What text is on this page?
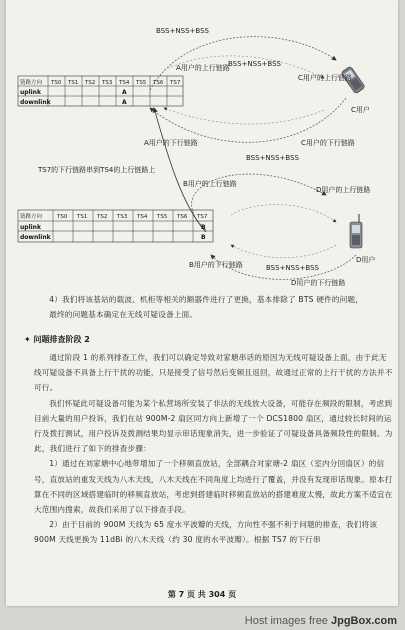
链路方向 TS0 TS1 TS2 TS3 TS4 TS5 TS6 TS7
uplink
downlink
A
A
链路方向	TS0 TS1 TS2 TS3 TS4 TS5 TS6 TS7
uplink
downlink
B
B
BSS+NSS+BSS
A用户的上行链路
BSS+NSS+BSS
C用户的上行链路
C用户
A用户的下行链路
BSS+NSS+BSS
C用户的下行链路
TS7的下行链路串到TS4的上行链路上
B用户的上行链路
D用户的上行链路
D用户
B用户的下行链路	BSS+NSS+BSS
D用户的下行链路

4）我们将该基站的载波、机柜等相关的额器件进行了更换，基本排除了 BTS 硬件的问题，

最终的问题基本确定在无线可疑设备上面。

✦ 问题排查阶段 2

通过阶段 1 的系列排查工作，我们可以确定导致对家塘串话的原因为无线可疑设备上面，由于此无线可疑设备不具备上行干扰的功能，只是接受了信号然后变频且返回，故通过正常的上行干扰的方法并不可行。

我们怀疑此可疑设备可能为某个私营场所安装了非法的无线放大设备，可能存在频段的限制，考虑到目前大量的用户投诉，我们在站 900M-2 扇区同方向上新增了一个 DCS1800 扇区，通过较长时间的运行及拨打测试，用户投诉及拨测结果均显示串话现象消失，进一步验证了可疑设备具备频段性的限制。为此，我们进行了如下的排查步骤：

1）通过在刘家塘中心地带增加了一个移频直放站，全部耦合对家塘-2 扇区（室内分回扇区）的信号，直放站的重发天线为八木天线，八木天线在不同角度上均进行了覆盖，并没有发现串话现象。原本打算在不同的区域搭建临时的移频直放站，考虑到搭建临时移频直放站的搭建难度太慢，故此方案不适宜在大范围内搜索，故我们采用了以下排查手段。

2）由于目前的 900M 天线为 65 度水平波瓣的天线，方向性不强不利于问题的排查，我们将该 900M 天线更换为 11dBi 的八木天线（约 30 度的水平波瓣）。根据 TS7 的下行串

第 7 页 共 304 页
Host images free JpgBox.com
